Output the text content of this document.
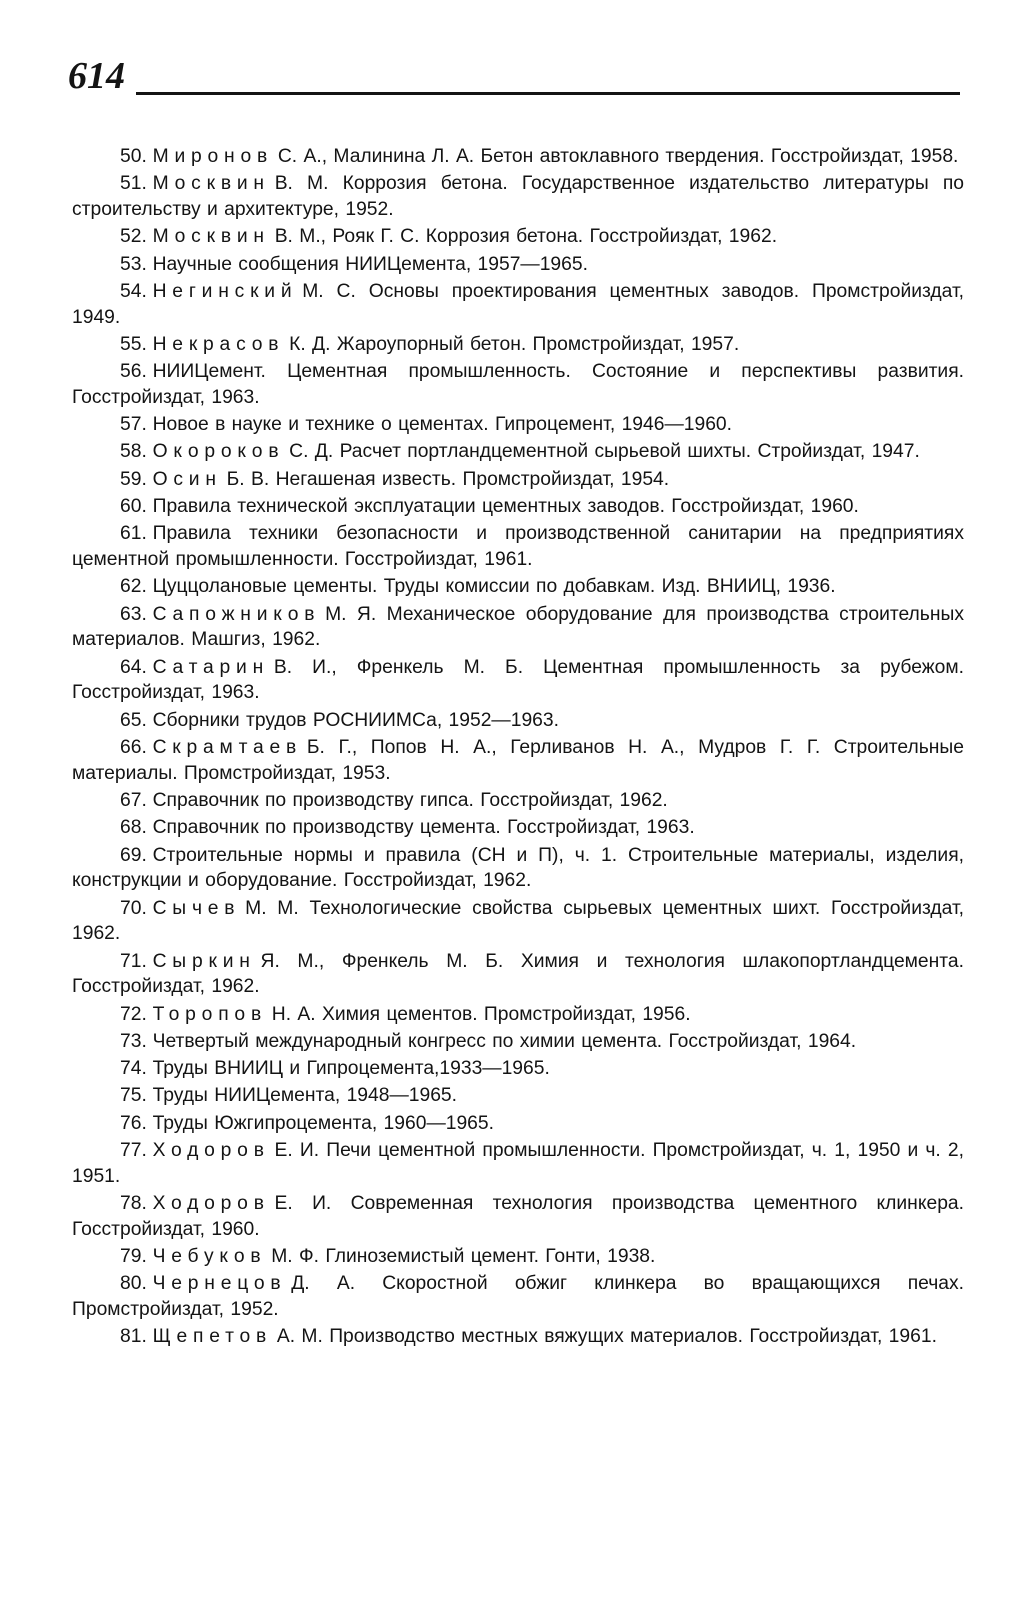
614

50. Миронов С. А., Малинина Л. А. Бетон автоклавного твердения. Госстройиздат, 1958.

51. Москвин В. М. Коррозия бетона. Государственное издательство литературы по строительству и архитектуре, 1952.

52. Москвин В. М., Рояк Г. С. Коррозия бетона. Госстройиздат, 1962.

53. Научные сообщения НИИЦемента, 1957—1965.

54. Негинский М. С. Основы проектирования цементных заводов. Промстройиздат, 1949.

55. Некрасов К. Д. Жароупорный бетон. Промстройиздат, 1957.

56. НИИЦемент. Цементная промышленность. Состояние и перспективы развития. Госстройиздат, 1963.

57. Новое в науке и технике о цементах. Гипроцемент, 1946—1960.

58. Окороков С. Д. Расчет портландцементной сырьевой шихты. Стройиздат, 1947.

59. Осин Б. В. Негашеная известь. Промстройиздат, 1954.

60. Правила технической эксплуатации цементных заводов. Госстройиздат, 1960.

61. Правила техники безопасности и производственной санитарии на предприятиях цементной промышленности. Госстройиздат, 1961.

62. Цуццолановые цементы. Труды комиссии по добавкам. Изд. ВНИИЦ, 1936.

63. Сапожников М. Я. Механическое оборудование для производства строительных материалов. Машгиз, 1962.

64. Сатарин В. И., Френкель М. Б. Цементная промышленность за рубежом. Госстройиздат, 1963.

65. Сборники трудов РОСНИИМСа, 1952—1963.

66. Скрамтаев Б. Г., Попов Н. А., Герливанов Н. А., Мудров Г. Г. Строительные материалы. Промстройиздат, 1953.

67. Справочник по производству гипса. Госстройиздат, 1962.

68. Справочник по производству цемента. Госстройиздат, 1963.

69. Строительные нормы и правила (СН и П), ч. 1. Строительные материалы, изделия, конструкции и оборудование. Госстройиздат, 1962.

70. Сычев М. М. Технологические свойства сырьевых цементных шихт. Госстройиздат, 1962.

71. Сыркин Я. М., Френкель М. Б. Химия и технология шлакопортландцемента. Госстройиздат, 1962.

72. Торопов Н. А. Химия цементов. Промстройиздат, 1956.

73. Четвертый международный конгресс по химии цемента. Госстройиздат, 1964.

74. Труды ВНИИЦ и Гипроцемента,1933—1965.

75. Труды НИИЦемента, 1948—1965.

76. Труды Южгипроцемента, 1960—1965.

77. Ходоров Е. И. Печи цементной промышленности. Промстройиздат, ч. 1, 1950 и ч. 2, 1951.

78. Ходоров Е. И. Современная технология производства цементного клинкера. Госстройиздат, 1960.

79. Чебуков М. Ф. Глиноземистый цемент. Гонти, 1938.

80. Чернецов Д. А. Скоростной обжиг клинкера во вращающихся печах. Промстройиздат, 1952.

81. Щепетов А. М. Производство местных вяжущих материалов. Госстройиздат, 1961.
